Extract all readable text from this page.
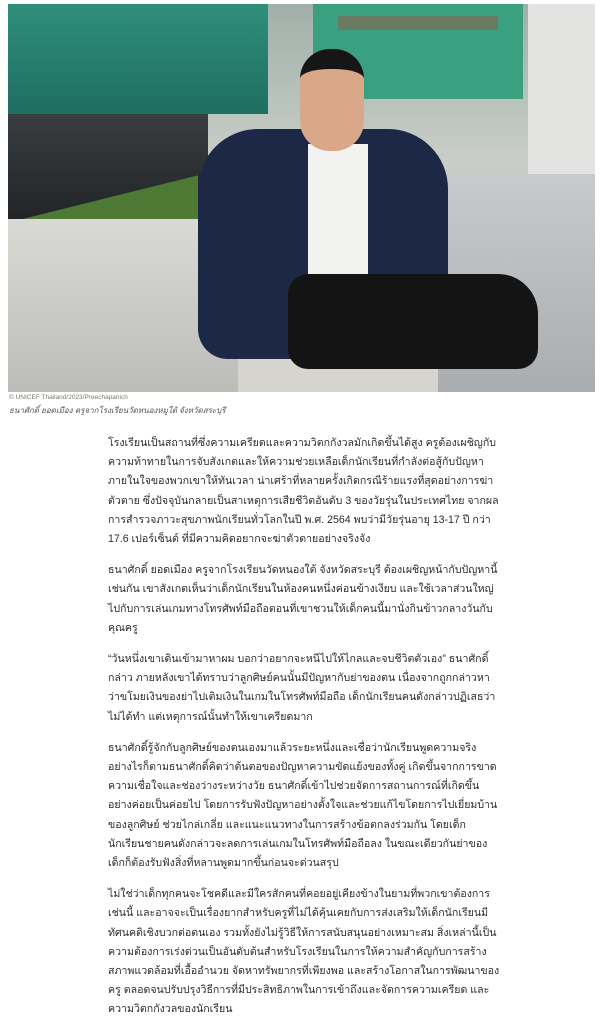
© UNICEF Thailand/2023/Preechapanich
ธนาศักดิ์ ยอดเมือง ครูจากโรงเรียนวัดหนองหมูใต้ จังหวัดสระบุรี

โรงเรียนเป็นสถานที่ซึ่งความเครียดและความวิตกกังวลมักเกิดขึ้นได้สูง ครูต้องเผชิญกับความท้าทายในการจับสังเกตและให้ความช่วยเหลือเด็กนักเรียนที่กำลังต่อสู้กับปัญหาภายในใจของพวกเขาให้ทันเวลา น่าเศร้าที่หลายครั้งเกิดกรณีร้ายแรงที่สุดอย่างการฆ่าตัวตาย ซึ่งปัจจุบันกลายเป็นสาเหตุการเสียชีวิตอันดับ 3 ของวัยรุ่นในประเทศไทย จากผลการสำรวจภาวะสุขภาพนักเรียนทั่วโลกในปี พ.ศ. 2564 พบว่ามีวัยรุ่นอายุ 13-17 ปี กว่า 17.6 เปอร์เซ็นต์ ที่มีความคิดอยากจะฆ่าตัวตายอย่างจริงจัง

ธนาศักดิ์ ยอดเมือง ครูจากโรงเรียนวัดหนองใต้ จังหวัดสระบุรี ต้องเผชิญหน้ากับปัญหานี้เช่นกัน เขาสังเกตเห็นว่าเด็กนักเรียนในห้องคนหนึ่งค่อนข้างเงียบ และใช้เวลาส่วนใหญ่ไปกับการเล่นเกมทางโทรศัพท์มือถือตอนที่เขาชวนให้เด็กคนนี้มานั่งกินข้าวกลางวันกับคุณครู

“วันหนึ่งเขาเดินเข้ามาหาผม บอกว่าอยากจะหนีไปให้ไกลและจบชีวิตตัวเอง” ธนาศักดิ์กล่าว ภายหลังเขาได้ทราบว่าลูกศิษย์คนนั้นมีปัญหากับย่าของตน เนื่องจากถูกกล่าวหาว่าขโมยเงินของย่าไปเติมเงินในเกมในโทรศัพท์มือถือ เด็กนักเรียนคนดังกล่าวปฏิเสธว่าไม่ได้ทำ แต่เหตุการณ์นั้นทำให้เขาเครียดมาก

ธนาศักดิ์รู้จักกับลูกศิษย์ของตนเองมาแล้วระยะหนึ่งและเชื่อว่านักเรียนพูดความจริง อย่างไรก็ตามธนาศักดิ์คิดว่าต้นตอของปัญหาความขัดแย้งของทั้งคู่ เกิดขึ้นจากการขาดความเชื่อใจและช่องว่างระหว่างวัย ธนาศักดิ์เข้าไปช่วยจัดการสถานการณ์ที่เกิดขึ้นอย่างค่อยเป็นค่อยไป โดยการรับฟังปัญหาอย่างตั้งใจและช่วยแก้ไขโดยการไปเยี่ยมบ้านของลูกศิษย์ ช่วยไกล่เกลี่ย และแนะแนวทางในการสร้างข้อตกลงร่วมกัน โดยเด็กนักเรียนชายคนดังกล่าวจะลดการเล่นเกมในโทรศัพท์มือถือลง ในขณะเดียวกันย่าของเด็กก็ต้องรับฟังสิ่งที่หลานพูดมากขึ้นก่อนจะด่วนสรุป

ไม่ใช่ว่าเด็กทุกคนจะโชคดีและมีใครสักคนที่คอยอยู่เคียงข้างในยามที่พวกเขาต้องการเช่นนี้ และอาจจะเป็นเรื่องยากสำหรับครูที่ไม่ได้คุ้นเคยกับการส่งเสริมให้เด็กนักเรียนมีทัศนคติเชิงบวกต่อตนเอง รวมทั้งยังไม่รู้วิธีให้การสนับสนุนอย่างเหมาะสม สิ่งเหล่านี้เป็นความต้องการเร่งด่วนเป็นอันดับต้นสำหรับโรงเรียนในการให้ความสำคัญกับการสร้างสภาพแวดล้อมที่เอื้ออำนวย จัดหาทรัพยากรที่เพียงพอ และสร้างโอกาสในการพัฒนาของครู ตลอดจนปรับปรุงวิธีการที่มีประสิทธิภาพในการเข้าถึงและจัดการความเครียด และความวิตกกังวลของนักเรียน
